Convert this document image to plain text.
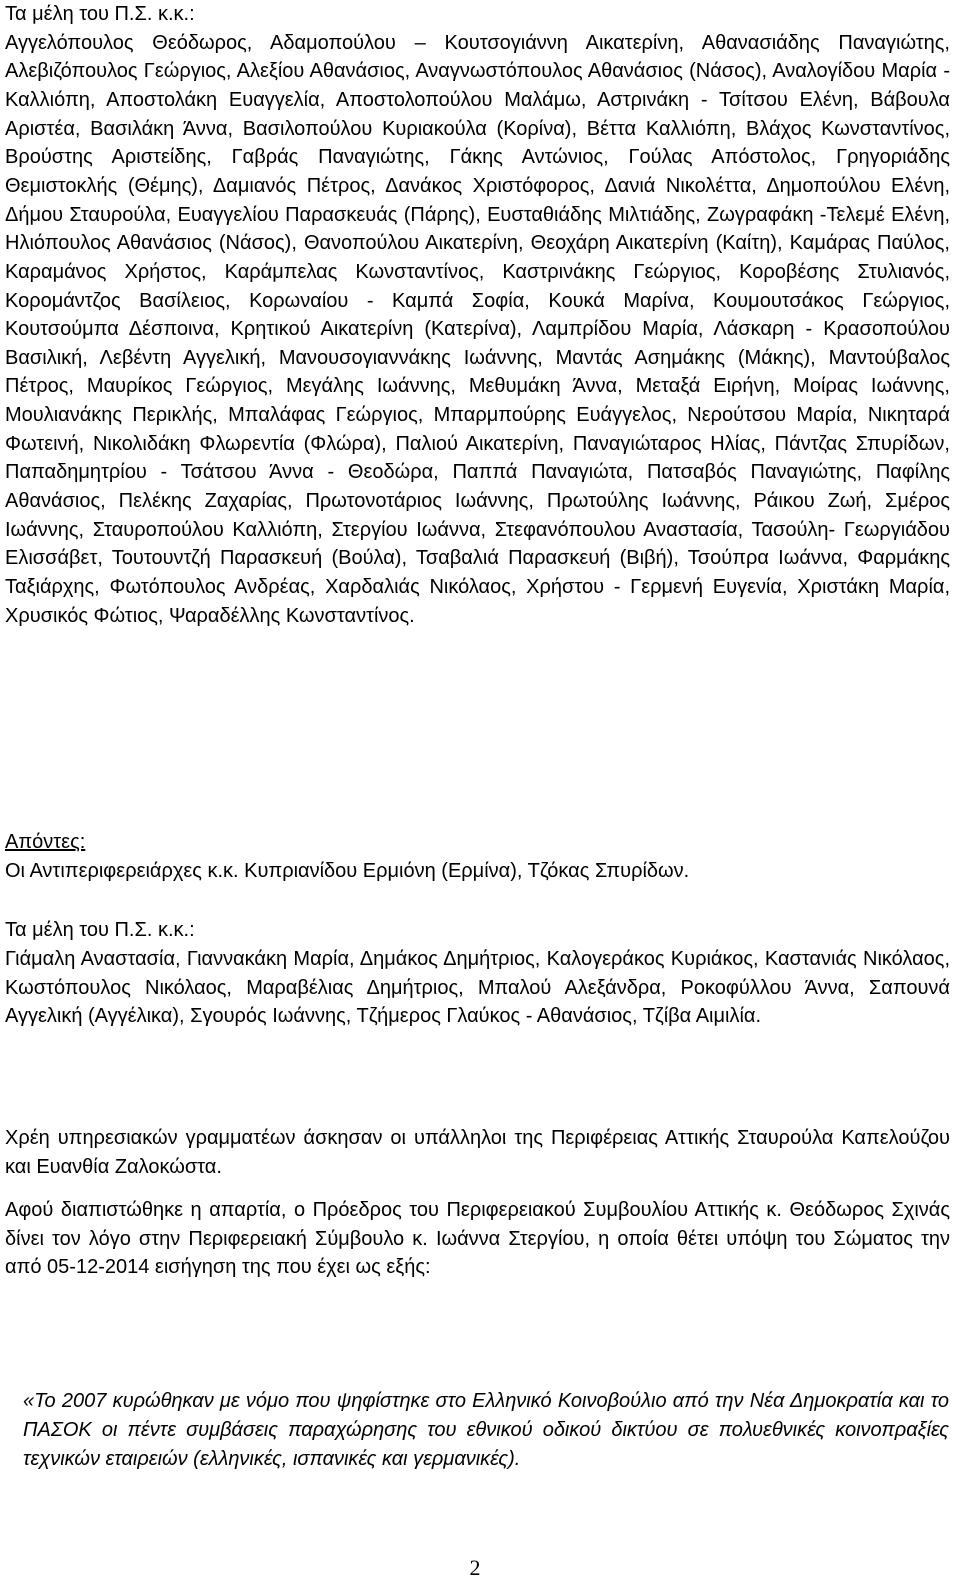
Τα μέλη του Π.Σ. κ.κ.:

Αγγελόπουλος Θεόδωρος, Αδαμοπούλου – Κουτσογιάννη Αικατερίνη, Αθανασιάδης Παναγιώτης, Αλεβιζόπουλος Γεώργιος, Αλεξίου Αθανάσιος, Αναγνωστόπουλος Αθανάσιος (Νάσος), Αναλογίδου Μαρία - Καλλιόπη, Αποστολάκη Ευαγγελία, Αποστολοπούλου Μαλάμω, Αστρινάκη - Τσίτσου Ελένη, Βάβουλα Αριστέα, Βασιλάκη Άννα, Βασιλοπούλου Κυριακούλα (Κορίνα), Βέττα Καλλιόπη, Βλάχος Κωνσταντίνος, Βρούστης Αριστείδης, Γαβράς Παναγιώτης, Γάκης Αντώνιος, Γούλας Απόστολος, Γρηγοριάδης Θεμιστοκλής (Θέμης), Δαμιανός Πέτρος, Δανάκος Χριστόφορος, Δανιά Νικολέττα, Δημοπούλου Ελένη, Δήμου Σταυρούλα, Ευαγγελίου Παρασκευάς (Πάρης), Ευσταθιάδης Μιλτιάδης, Ζωγραφάκη -Τελεμέ Ελένη, Ηλιόπουλος Αθανάσιος (Νάσος), Θανοπούλου Αικατερίνη, Θεοχάρη Αικατερίνη (Καίτη), Καμάρας Παύλος, Καραμάνος Χρήστος, Καράμπελας Κωνσταντίνος, Καστρινάκης Γεώργιος, Κοροβέσης Στυλιανός, Κορομάντζος Βασίλειος, Κορωναίου - Καμπά Σοφία, Κουκά Μαρίνα, Κουμουτσάκος Γεώργιος, Κουτσούμπα Δέσποινα, Κρητικού Αικατερίνη (Κατερίνα), Λαμπρίδου Μαρία, Λάσκαρη - Κρασοπούλου Βασιλική, Λεβέντη Αγγελική, Μανουσογιαννάκης Ιωάννης, Μαντάς Ασημάκης (Μάκης), Μαντούβαλος Πέτρος, Μαυρίκος Γεώργιος, Μεγάλης Ιωάννης, Μεθυμάκη Άννα, Μεταξά Ειρήνη, Μοίρας Ιωάννης, Μουλιανάκης Περικλής, Μπαλάφας Γεώργιος, Μπαρμπούρης Ευάγγελος, Νερούτσου Μαρία, Νικηταρά Φωτεινή, Νικολιδάκη Φλωρεντία (Φλώρα), Παλιού Αικατερίνη, Παναγιώταρος Ηλίας, Πάντζας Σπυρίδων, Παπαδημητρίου - Τσάτσου Άννα - Θεοδώρα, Παππά Παναγιώτα, Πατσαβός Παναγιώτης, Παφίλης Αθανάσιος, Πελέκης Ζαχαρίας, Πρωτονοτάριος Ιωάννης, Πρωτούλης Ιωάννης, Ράικου Ζωή, Σμέρος Ιωάννης, Σταυροπούλου Καλλιόπη, Στεργίου Ιωάννα, Στεφανόπουλου Αναστασία, Τασούλη- Γεωργιάδου Ελισσάβετ, Τουτουντζή Παρασκευή (Βούλα), Τσαβαλιά Παρασκευή (Βιβή), Τσούπρα Ιωάννα, Φαρμάκης Ταξιάρχης, Φωτόπουλος Ανδρέας, Χαρδαλιάς Νικόλαος, Χρήστου - Γερμενή Ευγενία, Χριστάκη Μαρία, Χρυσικός Φώτιος, Ψαραδέλλης Κωνσταντίνος.

Απόντες:

Οι Αντιπεριφερειάρχες κ.κ. Κυπριανίδου Ερμιόνη (Ερμίνα), Τζόκας Σπυρίδων.

Τα μέλη του Π.Σ. κ.κ.:

Γιάμαλη Αναστασία, Γιαννακάκη Μαρία, Δημάκος Δημήτριος, Καλογεράκος Κυριάκος, Καστανιάς Νικόλαος, Κωστόπουλος Νικόλαος, Μαραβέλιας Δημήτριος, Μπαλού Αλεξάνδρα, Ροκοφύλλου Άννα, Σαπουνά Αγγελική (Αγγέλικα), Σγουρός Ιωάννης, Τζήμερος Γλαύκος - Αθανάσιος, Τζίβα Αιμιλία.

Χρέη υπηρεσιακών γραμματέων άσκησαν οι υπάλληλοι της Περιφέρειας Αττικής Σταυρούλα Καπελούζου και Ευανθία Ζαλοκώστα.

Αφού διαπιστώθηκε η απαρτία, ο Πρόεδρος του Περιφερειακού Συμβουλίου Αττικής κ. Θεόδωρος Σχινάς δίνει τον λόγο στην Περιφερειακή Σύμβουλο κ. Ιωάννα Στεργίου, η οποία θέτει υπόψη του Σώματος την από 05-12-2014 εισήγηση της που έχει ως εξής:

«Το 2007 κυρώθηκαν με νόμο που ψηφίστηκε στο Ελληνικό Κοινοβούλιο από την Νέα Δημοκρατία και το ΠΑΣΟΚ οι πέντε συμβάσεις παραχώρησης του εθνικού οδικού δικτύου σε πολυεθνικές κοινοπραξίες τεχνικών εταιρειών (ελληνικές, ισπανικές και γερμανικές).

2
